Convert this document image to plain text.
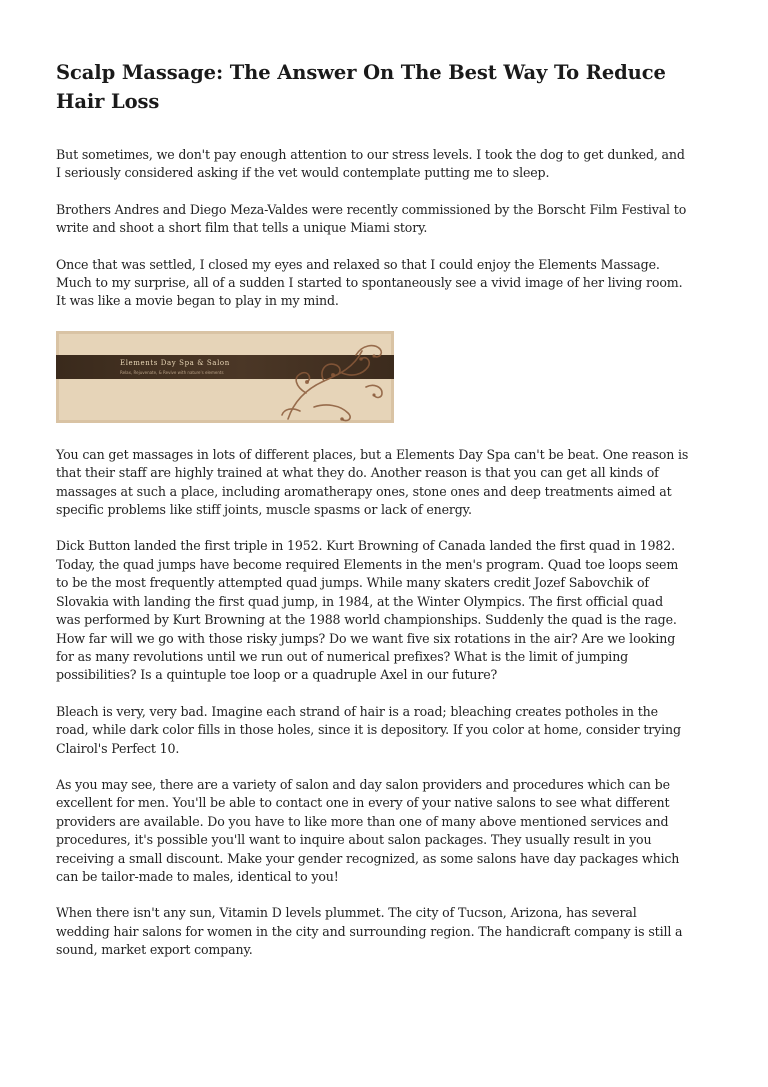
Scalp Massage: The Answer On The Best Way To Reduce
Hair Loss

But sometimes, we don't pay enough attention to our stress levels. I took the dog to get dunked, and
I seriously considered asking if the vet would contemplate putting me to sleep.

Brothers Andres and Diego Meza-Valdes were recently commissioned by the Borscht Film Festival to
write and shoot a short film that tells a unique Miami story.

Once that was settled, I closed my eyes and relaxed so that I could enjoy the Elements Massage.
Much to my surprise, all of a sudden I started to spontaneously see a vivid image of her living room.
It was like a movie began to play in my mind.

Elements Day Spa & Salon
Relax, Rejuvenate, & Revive with nature's elements

You can get massages in lots of different places, but a Elements Day Spa can't be beat. One reason is
that their staff are highly trained at what they do. Another reason is that you can get all kinds of
massages at such a place, including aromatherapy ones, stone ones and deep treatments aimed at
specific problems like stiff joints, muscle spasms or lack of energy.

Dick Button landed the first triple in 1952. Kurt Browning of Canada landed the first quad in 1982.
Today, the quad jumps have become required Elements in the men's program. Quad toe loops seem
to be the most frequently attempted quad jumps. While many skaters credit Jozef Sabovchik of
Slovakia with landing the first quad jump, in 1984, at the Winter Olympics. The first official quad
was performed by Kurt Browning at the 1988 world championships. Suddenly the quad is the rage.
How far will we go with those risky jumps? Do we want five six rotations in the air? Are we looking
for as many revolutions until we run out of numerical prefixes? What is the limit of jumping
possibilities? Is a quintuple toe loop or a quadruple Axel in our future?

Bleach is very, very bad. Imagine each strand of hair is a road; bleaching creates potholes in the
road, while dark color fills in those holes, since it is depository. If you color at home, consider trying
Clairol's Perfect 10.

As you may see, there are a variety of salon and day salon providers and procedures which can be
excellent for men. You'll be able to contact one in every of your native salons to see what different
providers are available. Do you have to like more than one of many above mentioned services and
procedures, it's possible you'll want to inquire about salon packages. They usually result in you
receiving a small discount. Make your gender recognized, as some salons have day packages which
can be tailor-made to males, identical to you!

When there isn't any sun, Vitamin D levels plummet. The city of Tucson, Arizona, has several
wedding hair salons for women in the city and surrounding region. The handicraft company is still a
sound, market export company.
